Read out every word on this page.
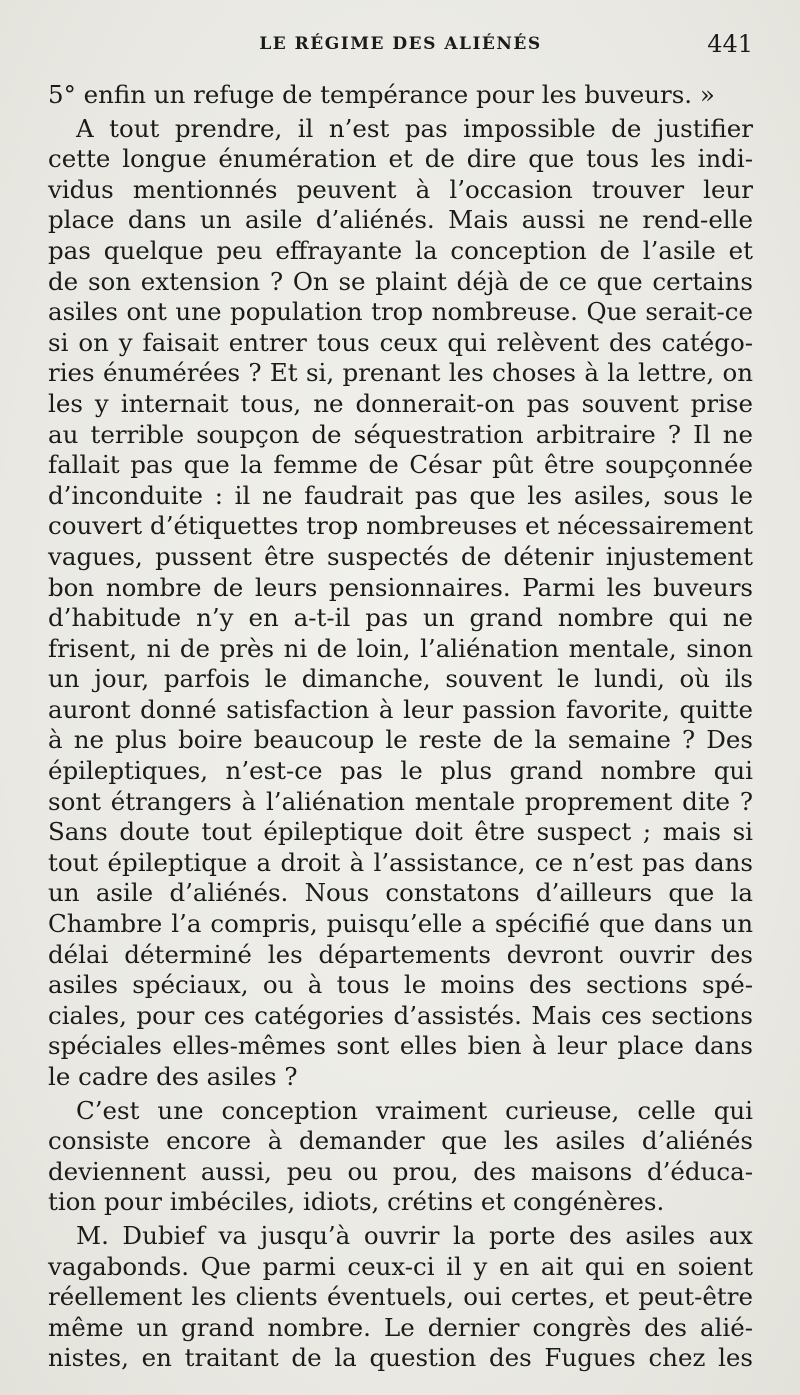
LE RÉGIME DES ALIÉNÉS	441
5° enfin un refuge de tempérance pour les buveurs. »
A tout prendre, il n’est pas impossible de justifier
cette longue énumération et de dire que tous les indi-
vidus mentionnés peuvent à l’occasion trouver leur
place dans un asile d’aliénés. Mais aussi ne rend-elle
pas quelque peu effrayante la conception de l’asile et
de son extension ? On se plaint déjà de ce que certains
asiles ont une population trop nombreuse. Que serait-ce
si on y faisait entrer tous ceux qui relèvent des catégo-
ries énumérées ? Et si, prenant les choses à la lettre, on
les y internait tous, ne donnerait-on pas souvent prise
au terrible soupçon de séquestration arbitraire ? Il ne
fallait pas que la femme de César pût être soupçonnée
d’inconduite : il ne faudrait pas que les asiles, sous le
couvert d’étiquettes trop nombreuses et nécessairement
vagues, pussent être suspectés de détenir injustement
bon nombre de leurs pensionnaires. Parmi les buveurs
d’habitude n’y en a-t-il pas un grand nombre qui ne
frisent, ni de près ni de loin, l’aliénation mentale, sinon
un jour, parfois le dimanche, souvent le lundi, où ils
auront donné satisfaction à leur passion favorite, quitte
à ne plus boire beaucoup le reste de la semaine ? Des
épileptiques, n’est-ce pas le plus grand nombre qui
sont étrangers à l’aliénation mentale proprement dite ?
Sans doute tout épileptique doit être suspect ; mais si
tout épileptique a droit à l’assistance, ce n’est pas dans
un asile d’aliénés. Nous constatons d’ailleurs que la
Chambre l’a compris, puisqu’elle a spécifié que dans un
délai déterminé les départements devront ouvrir des
asiles spéciaux, ou à tous le moins des sections spé-
ciales, pour ces catégories d’assistés. Mais ces sections
spéciales elles-mêmes sont elles bien à leur place dans
le cadre des asiles ?
C’est une conception vraiment curieuse, celle qui
consiste encore à demander que les asiles d’aliénés
deviennent aussi, peu ou prou, des maisons d’éduca-
tion pour imbéciles, idiots, crétins et congénères.
M. Dubief va jusqu’à ouvrir la porte des asiles aux
vagabonds. Que parmi ceux-ci il y en ait qui en soient
réellement les clients éventuels, oui certes, et peut-être
même un grand nombre. Le dernier congrès des alié-
nistes, en traitant de la question des Fugues chez les
